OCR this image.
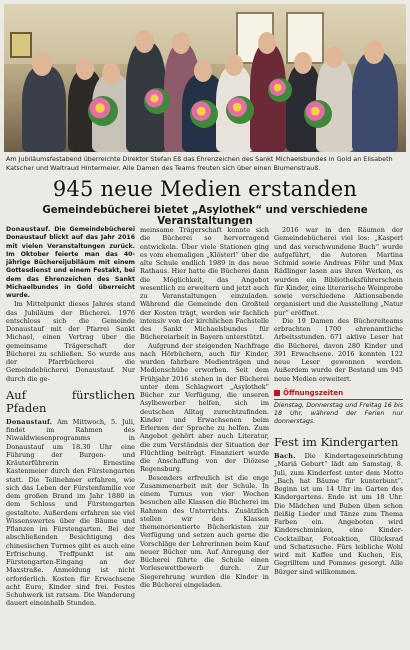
Am Jubiläumsfestabend überreichte Direktor Stefan Eß das Ehrenzeichen des Sankt Michaelsbundes in Gold an Elisabeth Katscher und Waltraud Hintermeier. Alle Damen des Teams freuten sich über einen Blumenstrauß.

945 neue Medien erstanden
Gemeindebücherei bietet „Asylothek“ und verschiedene Veranstaltungen

Donaustauf. Die Gemeindebücherei Donaustauf blickt auf das Jahr 2016 mit vielen Veranstaltungen zurück. Im Oktober feierte man das 40-jährige Büchereijubiläum mit einem Gottesdienst und einem Festakt, bei dem das Ehrenzeichen des Sankt Michaelbundes in Gold überreicht wurde.

Im Mittelpunkt dieses Jahres stand das Jubiläum der Bücherei. 1976 entschloss sich die Gemeinde Donaustauf mit der Pfarrei Sankt Michael, einen Vertrag über die gemeinsame Trägerschaft der Bücherei zu schließen. So wurde aus der Pfarrbücherei die Gemeindebücherei Donaustauf. Nur durch die ge-

Auf fürstlichen Pfaden

Donaustauf. Am Mittwoch, 5. Juli, findet im Rahmen des Niwaldwiesenprogramms in Donaustauf um 18.30 Uhr eine Führung der Burgen- und Kräuterführerin Ernestine Kastenmeier durch den Fürstengarten statt. Die Teilnehmer erfahren, wie sich das Leben der Fürstenfamilie vor dem großen Brand im Jahr 1880 in dem Schloss und Fürstengarten gestaltete. Außerdem erfahren sie viel Wissenswertes über die Bäume und Pflanzen im Fürstengarten. Bei der abschließenden Besichtigung des chinesischen Turmes gibt es auch eine Erfrischung. Treffpunkt ist am Fürstengarten-Eingang an der Maxstraße. Anmeldung ist nicht erforderlich. Kosten für Erwachsene acht Euro, Kinder sind frei. Festes Schuhwerk ist ratsam. Die Wanderung dauert eineinhalb Stunden.

meinsame Trägerschaft konnte sich die Bücherei so hervorragend entwickeln. Über viele Stationen ging es vom ehemaligen „Klösterl“ über die alte Schule endlich 1989 in das neue Rathaus. Hier hatte die Bücherei dann die Möglichkeit, das Angebot wesentlich zu erweitern und jetzt auch zu Veranstaltungen einzuladen. Während die Gemeinde den Großteil der Kosten trägt, werden wir fachlich intensiv von der kirchlichen Fachstelle des Sankt Michaelsbundes für Büchereiarbeit in Bayern unterstützt.

Aufgrund der steigenden Nachfrage nach Hörbüchern, auch für Kinder, wurden fahrbare Medienträgen und Medienschübe erworben. Seit dem Frühjahr 2016 stehen in der Bücherei unter dem Schlagwort „Asylothek“ Bücher zur Verfügung, die unseren Asylbewerber helfen, sich im deutschen Alltag zurechtzufinden. Kinder und Erwachsenen beim Erlernen der Sprache zu helfen. Zum Angebot gehört aber auch Literatur, die zum Verständnis der Situation der Flüchtling beiträgt. Finanziert wurde die Anschaffung von der Diözese Regensburg.

Besonders erfreulich ist die enge Zusammenarbeit mit der Schule. In einem Turnus von vier Wochen besuchen alle Klassen die Bücherei im Rahmen des Unterrichts. Zusätzlich stellen wir den Klassen themenorientierte Bücherkisten zur Verfügung und setzen auch gerne die Vorschläge der Lehrerinnen beim Kauf neuer Bücher um. Auf Anregung der Bücherei führte die Schule einen Vorlesewettbewerb durch. Zur Siegerehrung wurden die Kinder in die Bücherei eingeladen.

2016 war in den Räumen der Gemeindebücherei viel los: „Kasperl und das verschwundene Buch“ wurde aufgeführt, die Autoren Martina Schmid sowie Andreas Föhr und Max Rädlinger lasen aus ihren Werken, es wurden ein Bibliotheksführerschein für Kinder, eine literarische Weinprobe sowie verschiedene Aktionsabende organisiert und die Ausstellung „Natur pur“ eröffnet.

Die 19 Damen des Büchereiteams erbrachten 1700 ehrenamtliche Arbeitsstunden. 671 aktive Leser hat die Bücherei, davon 280 Kinder und 391 Erwachsene. 2016 konnten 122 neue Leser gewonnen werden. Außerdem wurde der Bestand um 945 neue Medien erweitert.

Öffnungszeiten

Dienstag, Donnerstag und Freitag 16 bis 18 Uhr, während der Ferien nur donnerstags.

Fest im Kindergarten

Bach. Die Kindertageseinrichtung „Mariä Geburt“ lädt am Samstag, 8. Juli, zum Kinderfest unter dem Motto „Bach hat Bäume für kunterbunt“. Beginn ist um 14 Uhr im Garten des Kindergartens. Ende ist um 18 Uhr. Die Mädchen und Buben üben schon fleißig Lieder und Tänze zum Thema Farben ein. Angeboten wird Kinderschminken, eine Kinder-Cocktailbar, Fotoaktion, Glücksrad und Schatzsuche. Fürs leibliche Wohl wird mit Kaffee und Kuchen, Eis, Gegrilltem und Pommes gesorgt. Alle Bürger sind willkommen.
